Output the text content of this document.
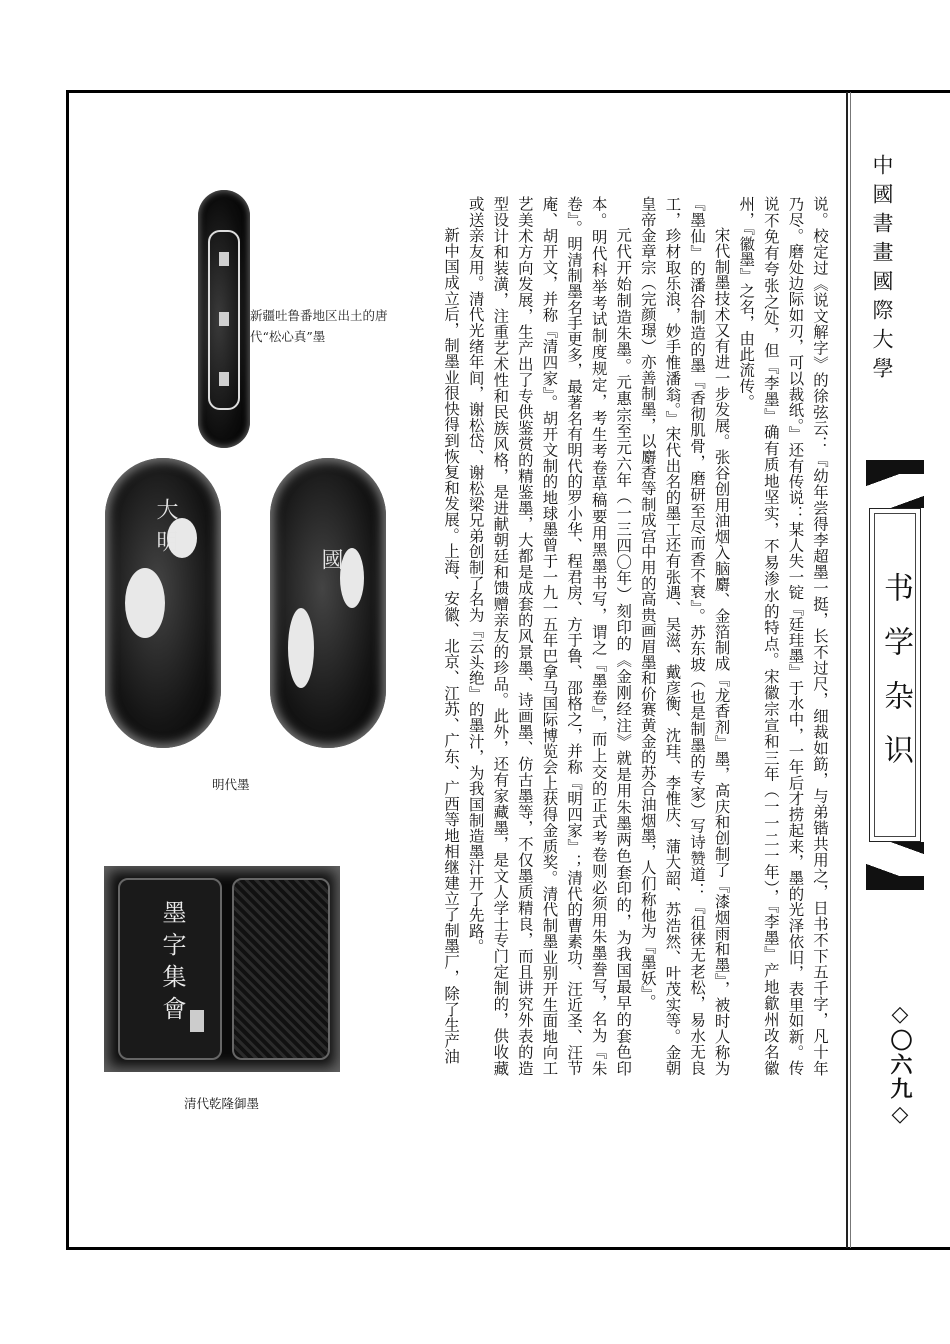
中國書畫國際大學
书学杂识
◇〇六九◇

说。校定过《说文解字》的徐弦云：『幼年尝得李超墨一挺，长不过尺，细裁如筯，与弟锴共用之，日书不下五千字，凡十年乃尽。磨处边际如刃，可以裁纸。』还有传说：某人失一锭『廷珪墨』于水中，一年后才捞起来，墨的光泽依旧，表里如新。传说不免有夸张之处，但『李墨』确有质地坚实，不易渗水的特点。宋徽宗宣和三年（一一二一年），『李墨』产地歙州改名徽州，『徽墨』之名，由此流传。

宋代制墨技术又有进一步发展。张谷创用油烟入脑麝、金箔制成『龙香剂』墨，高庆和创制了『漆烟雨和墨』，被时人称为『墨仙』的潘谷制造的墨『香彻肌骨，磨研至尽而香不衰』。苏东坡（也是制墨的专家）写诗赞道：『徂徕无老松，易水无良工，珍材取乐浪，妙手惟潘翁。』宋代出名的墨工还有张遇、吴滋、戴彦衡、沈珪、李惟庆、蒲大韶、苏浩然、叶茂实等。金朝皇帝金章宗（完颜璟）亦善制墨，以麝香等制成宫中用的高贵画眉墨和价赛黄金的苏合油烟墨，人们称他为『墨妖』。

元代开始制造朱墨。元惠宗至元六年（一三四〇年）刻印的《金刚经注》就是用朱墨两色套印的，为我国最早的套色印本。明代科举考试制度规定，考生考卷草稿要用黑墨书写，谓之『墨卷』，而上交的正式考卷则必须用朱墨誊写，名为『朱卷』。明清制墨名手更多，最著名有明代的罗小华、程君房、方于鲁、邵格之，并称『明四家』；清代的曹素功、汪近圣、汪节庵、胡开文，并称『清四家』。胡开文制的地球墨曾于一九一五年巴拿马国际博览会上获得金质奖。清代制墨业别开生面地向工艺美术方向发展，生产出了专供鉴赏的精鉴墨，大都是成套的风景墨、诗画墨、仿古墨等，不仅墨质精良，而且讲究外表的造型设计和装潢，注重艺术性和民族风格，是进献朝廷和馈赠亲友的珍品。此外，还有家藏墨，是文人学士专门定制的，供收藏或送亲友用。清代光绪年间，谢松岱、谢松梁兄弟创制了名为『云头绝』的墨汁，为我国制造墨汁开了先路。

新中国成立后，制墨业很快得到恢复和发展。上海、安徽、北京、江苏、广东、广西等地相继建立了制墨厂，除了生产油

新疆吐鲁番地区出土的唐代“松心真”墨
大明
國
明代墨
墨字集會
清代乾隆御墨
